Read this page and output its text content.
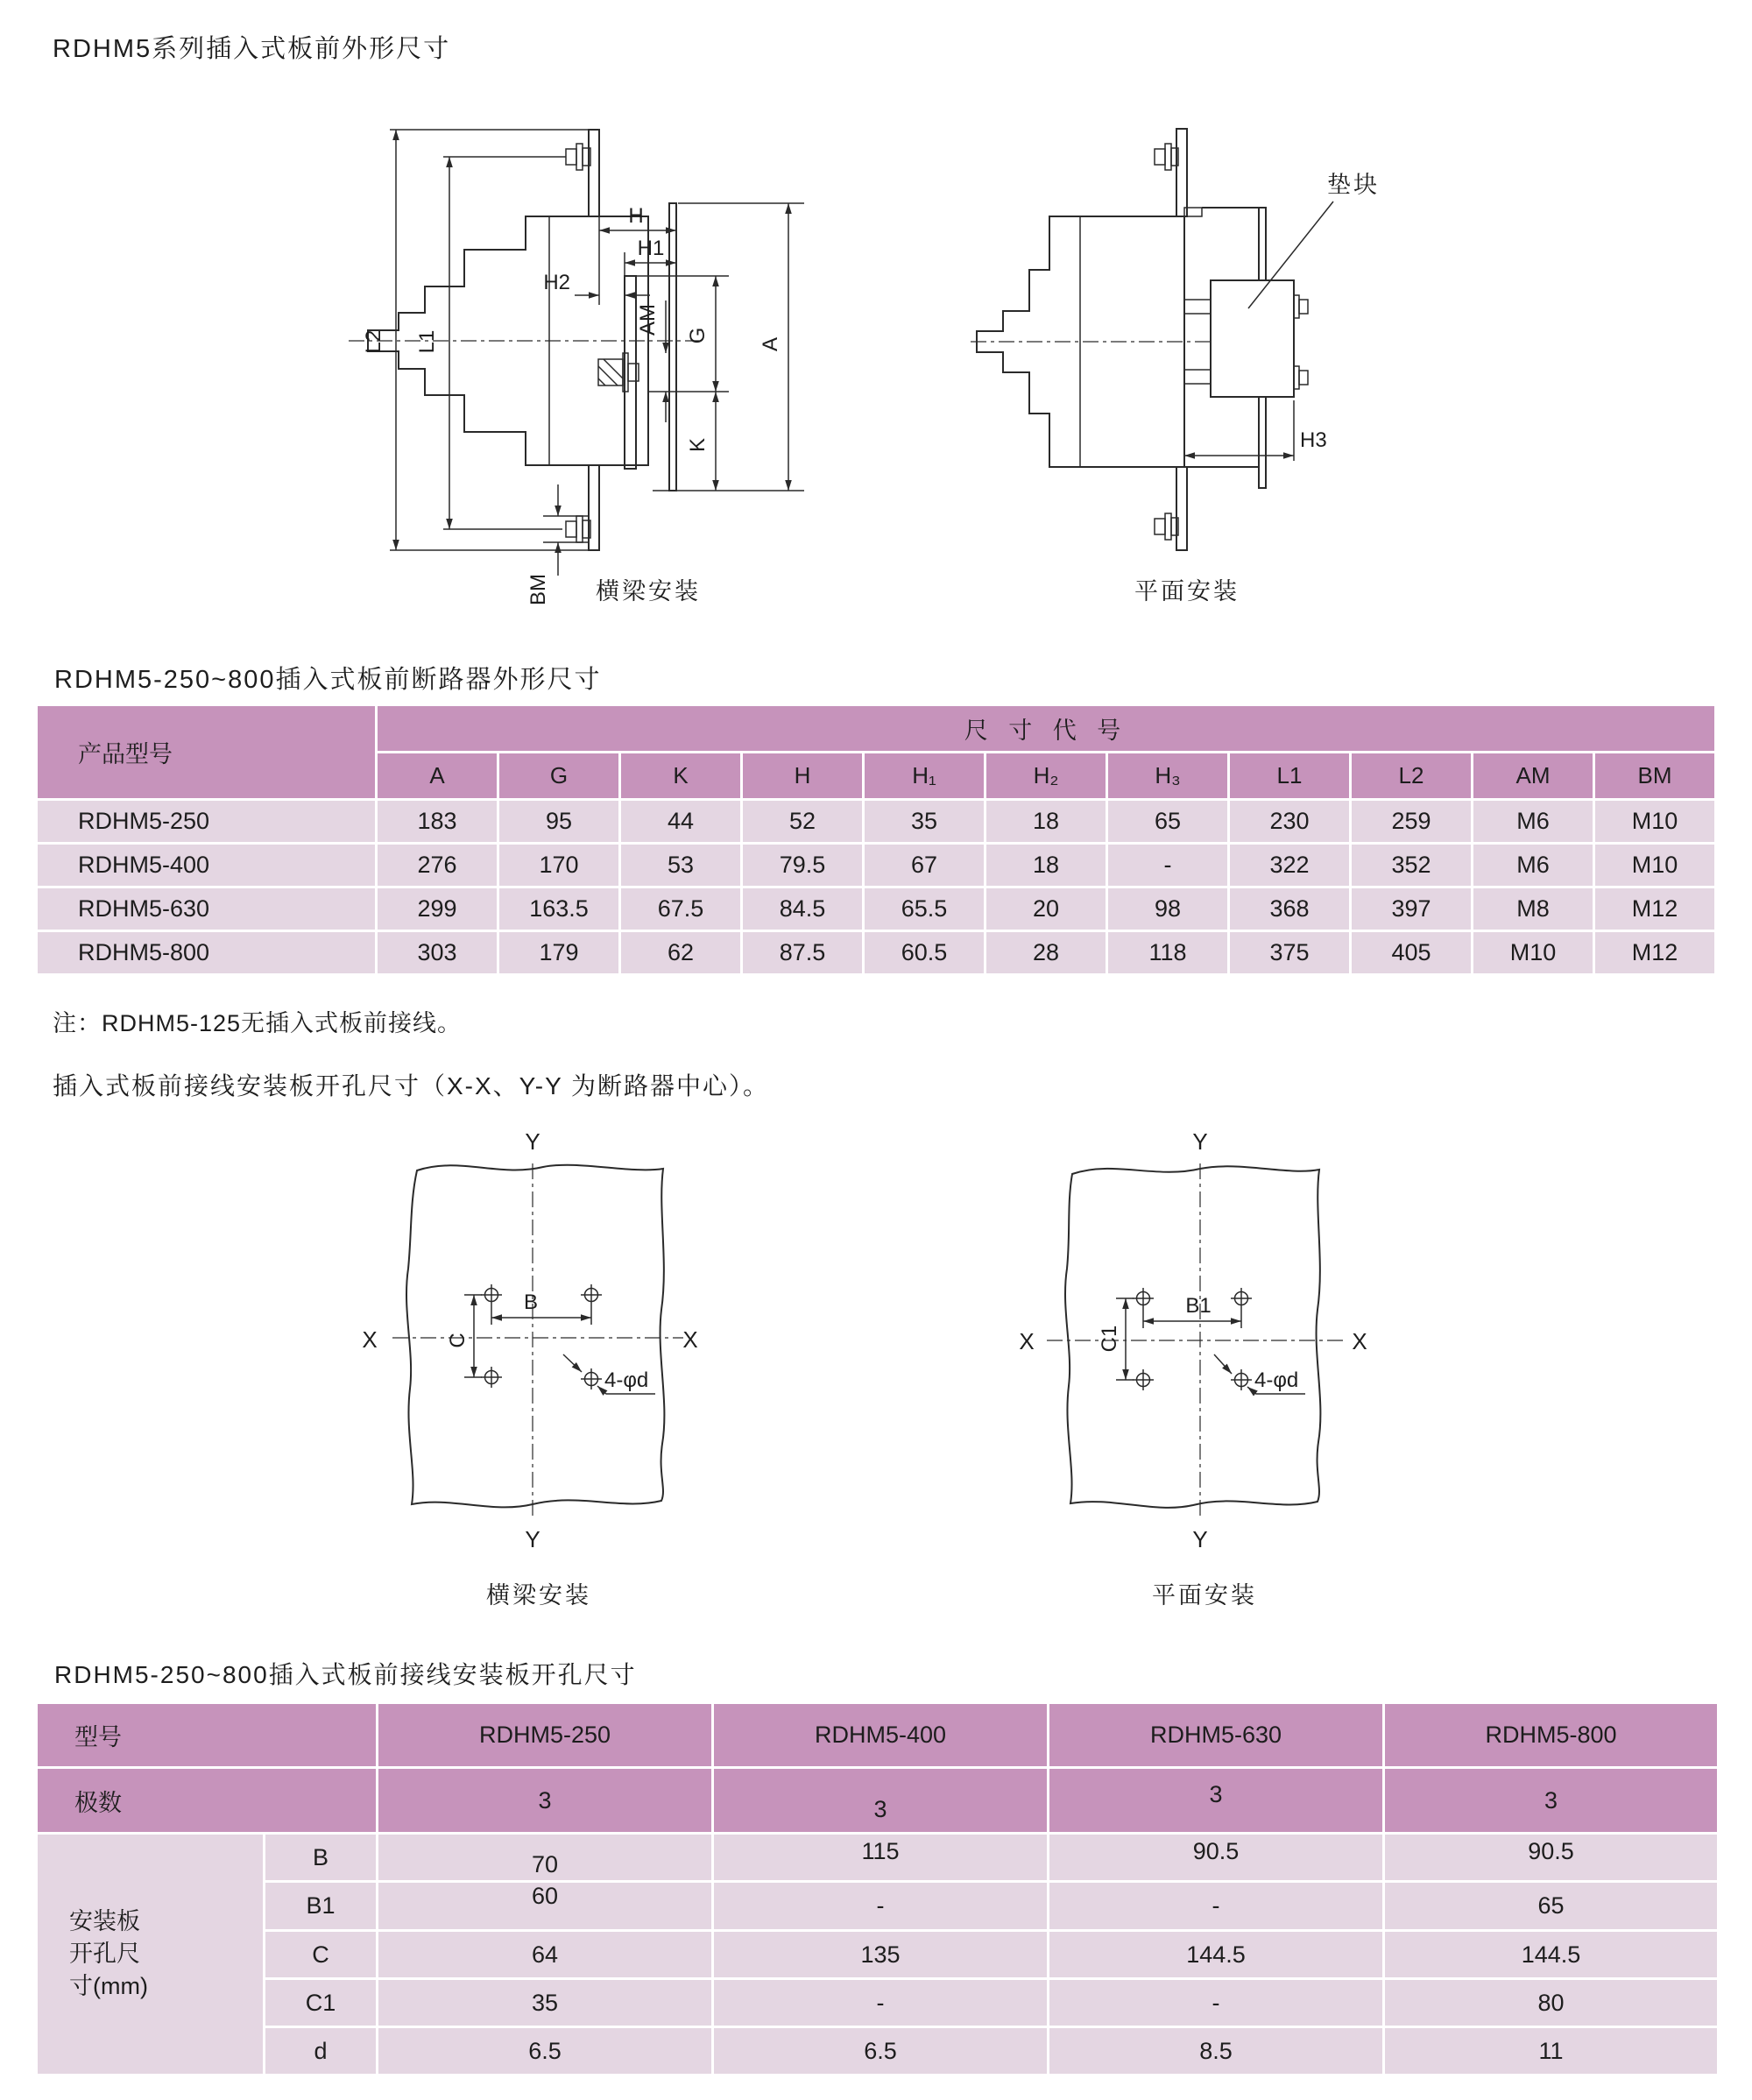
RDHM5系列插入式板前外形尺寸
L2 L1
H
H1
H2
AM G
K
A
BM 横梁安装
垫块
H3
平面安装
RDHM5-250~800插入式板前断路器外形尺寸
产品型号	尺 寸 代 号										
	A	G	K	H	H₁	H₂	H₃	L1	L2	AM	BM
RDHM5-250	183	95	44	52	35	18	65	230	259	M6	M10
RDHM5-400	276	170	53	79.5	67	18	-	322	352	M6	M10
RDHM5-630	299	163.5	67.5	84.5	65.5	20	98	368	397	M8	M12
RDHM5-800	303	179	62	87.5	60.5	28	118	375	405	M10	M12
注：RDHM5-125无插入式板前接线。
插入式板前接线安装板开孔尺寸（X-X、Y-Y 为断路器中心）。
X	X
Y
Y
B
C
4-φd
横梁安装
X	X
Y
Y
B1
C1
4-φd
平面安装
RDHM5-250~800插入式板前接线安装板开孔尺寸
型号		RDHM5-250	RDHM5-400	RDHM5-630	RDHM5-800
极数		3	3	3	3

安装板
开孔尺
寸(mm)	B	70	115	90.5	90.5
	B1	60	-	-	65
	C	64	135	144.5	144.5
	C1	35	-	-	80
	d	6.5	6.5	8.5	11
